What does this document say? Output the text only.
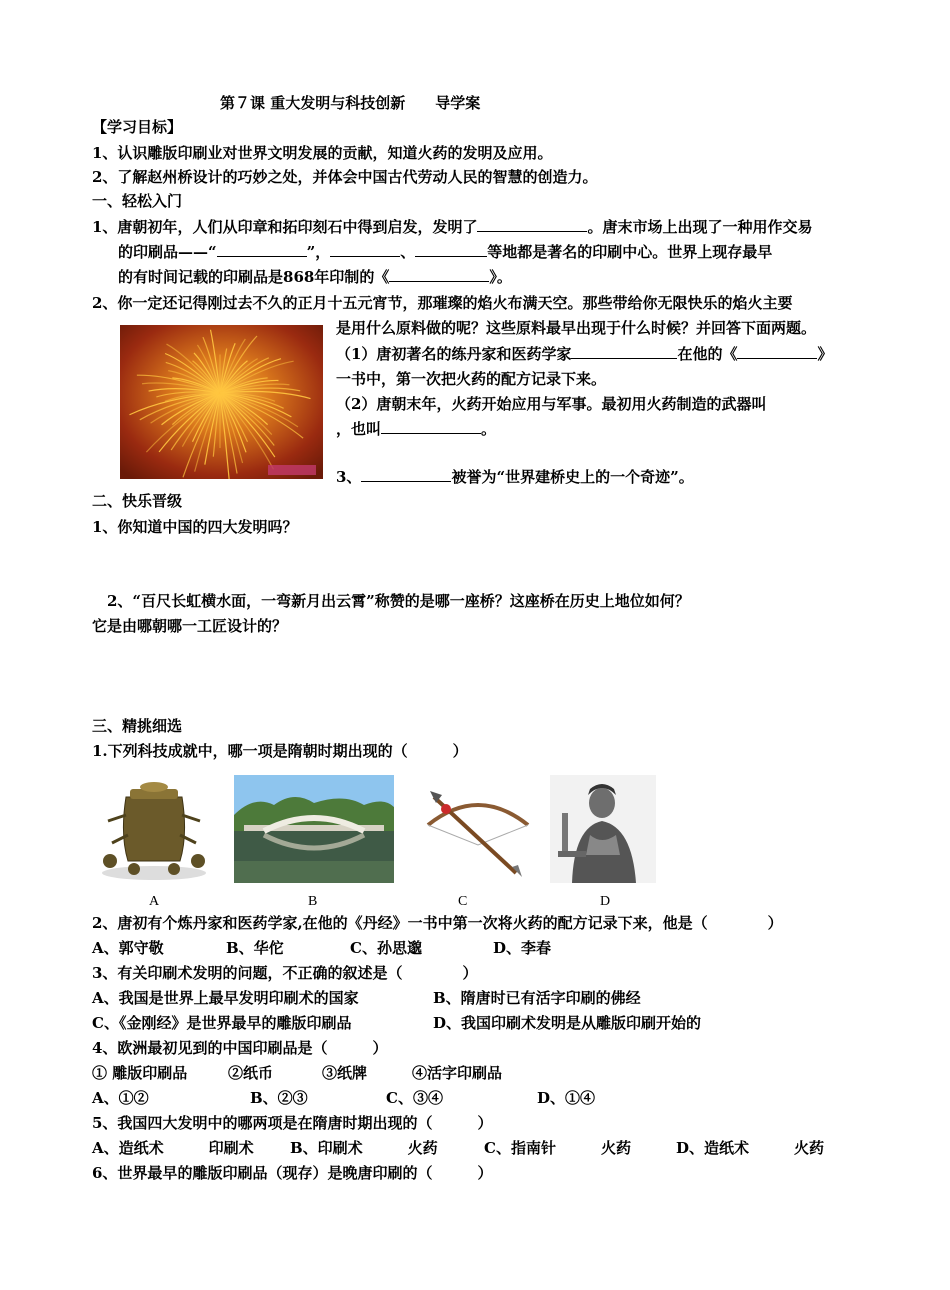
第７课 重大发明与科技创新　　导学案
【学习目标】
1、认识雕版印刷业对世界文明发展的贡献，知道火药的发明及应用。
2、了解赵州桥设计的巧妙之处，并体会中国古代劳动人民的智慧的创造力。
一、轻松入门
1、唐朝初年，人们从印章和拓印刻石中得到启发，发明了	。唐末市场上出现了一种用作交易
的印刷品——“	”，	、	等地都是著名的印刷中心。世界上现存最早
的有时间记载的印刷品是868年印制的《	》。
2、你一定还记得刚过去不久的正月十五元宵节，那璀璨的焰火布满天空。那些带给你无限快乐的焰火主要
是用什么原料做的呢？这些原料最早出现于什么时候？并回答下面两题。
（1）唐初著名的练丹家和医药学家	在他的《	》
一书中，第一次把火药的配方记录下来。
（2）唐朝末年，火药开始应用与军事。最初用火药制造的武器叫
，也叫	。
3、	被誉为“世界建桥史上的一个奇迹”。
二、快乐晋级
1、你知道中国的四大发明吗？
2、“百尺长虹横水面，一弯新月出云霄”称赞的是哪一座桥？这座桥在历史上地位如何？
它是由哪朝哪一工匠设计的？
三、精挑细选
1.下列科技成就中，哪一项是隋朝时期出现的（　　　）
A	B	C	D
2、唐初有个炼丹家和医药学家,在他的《丹经》一书中第一次将火药的配方记录下来，他是（　　　　）
A、郭守敬	B、华佗	C、孙思邈	D、李春
3、有关印刷术发明的问题，不正确的叙述是（　　　　）
A、我国是世界上最早发明印刷术的国家	B、隋唐时已有活字印刷的佛经
C、《金刚经》是世界最早的雕版印刷品	D、我国印刷术发明是从雕版印刷开始的
4、欧洲最初见到的中国印刷品是（　　　）
① 雕版印刷品	②纸币	③纸牌	④活字印刷品
A、①②	B、②③	C、③④	D、①④
5、我国四大发明中的哪两项是在隋唐时期出现的（　　　）
A、造纸术　　　印刷术 B、印刷术　　　火药	C、指南针　　　火药	D、造纸术　　　火药
6、世界最早的雕版印刷品（现存）是晚唐印刷的（　　　）
